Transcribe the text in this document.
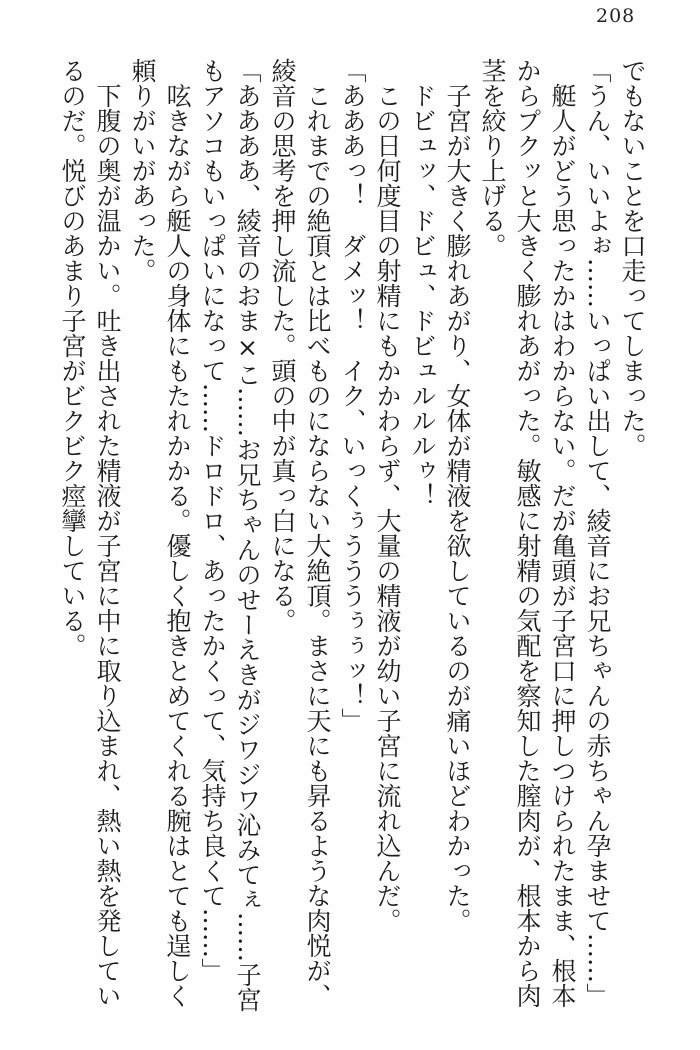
208

でもないことを口走ってしまった。

「うん、いいよぉ……いっぱい出して、綾音にお兄ちゃんの赤ちゃん孕ませて……」

艇人がどう思ったかはわからない。だが亀頭が子宮口に押しつけられたまま、根本からプクッと大きく膨れあがった。敏感に射精の気配を察知した膣肉が、根本から肉茎を絞り上げる。

子宮が大きく膨れあがり、女体が精液を欲しているのが痛いほどわかった。

ドビュッ、ドビュ、ドビュルルルゥ！

この日何度目の射精にもかかわらず、大量の精液が幼い子宮に流れ込んだ。

「あああっ！　ダメッ！　イク、いっくぅうううぅぅッ！」

これまでの絶頂とは比べものにならない大絶頂。まさに天にも昇るような肉悦が、綾音の思考を押し流した。頭の中が真っ白になる。

「ああああ、綾音のおま×こ……お兄ちゃんのせーえきがジワジワ沁みてぇ……子宮もアソコもいっぱいになって……ドロドロ、あったかくって、気持ち良くて……」

呟きながら艇人の身体にもたれかかる。優しく抱きとめてくれる腕はとても逞しく頼りがいがあった。

下腹の奥が温かい。吐き出された精液が子宮に中に取り込まれ、熱い熱を発しているのだ。悦びのあまり子宮がビクビク痙攣している。
